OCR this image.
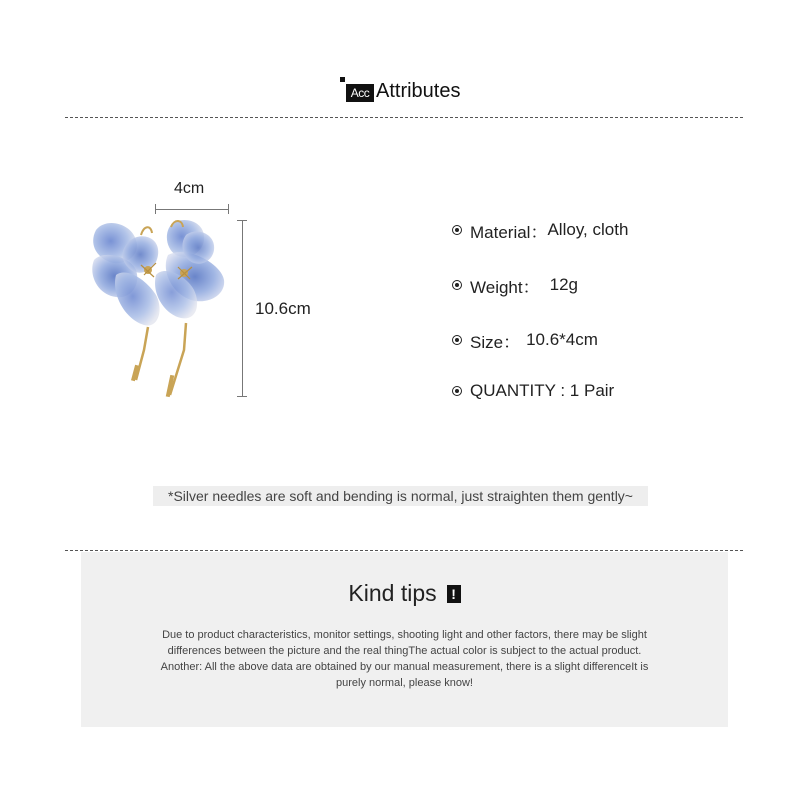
Acc Attributes
4cm
10.6cm
Material： Alloy, cloth
Weight： 12g
Size： 10.6*4cm
QUANTITY : 1 Pair
*Silver needles are soft and bending is normal, just straighten them gently~
Kind tips !
Due to product characteristics, monitor settings, shooting light and other factors, there may be slight
differences between the picture and the real thingThe actual color is subject to the actual product.
Another: All the above data are obtained by our manual measurement, there is a slight differenceIt is
purely normal, please know!
